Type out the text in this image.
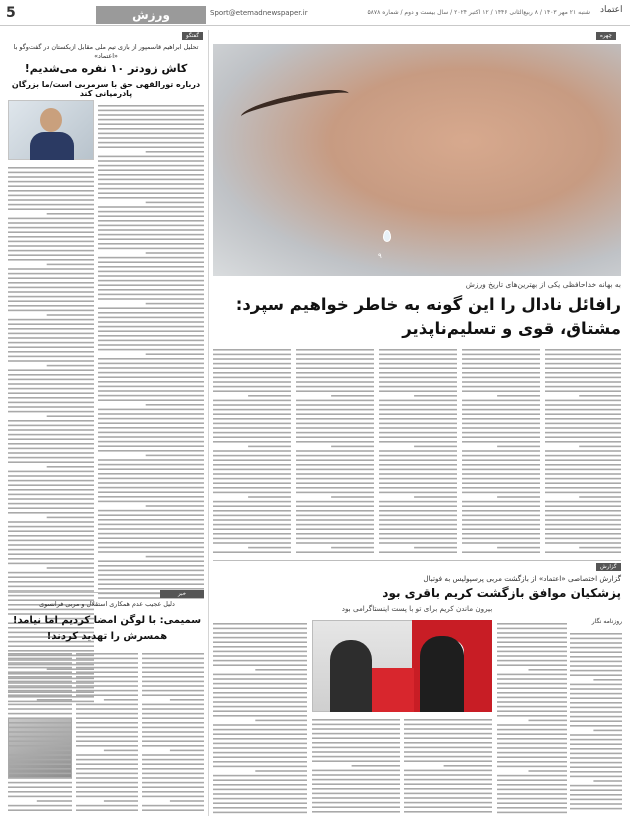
5	ورزش	Sport@etemadnewspaper.ir	شنبه ۲۱ مهر ۱۴۰۳ / ۸ ربیع‌الثانی ۱۴۴۶ / ۱۲ اکتبر ۲۰۲۴ / سال بیست و دوم / شماره ۵۸۷۸ اعتماد
گفتگو
تحلیل ابراهیم قاسمپور از بازی تیم ملی مقابل ازبکستان در گفت‌وگو با «اعتماد»
کاش زودتر ۱۰ نفره می‌شدیم!
درباره تورالقهی حق با سرمربی است/ما بزرگان پادرمیانی کند
خبر
دلیل عجیب عدم همکاری استقلال و مربی فرانسوی
سمیمی: با لوگن امضا کردیم اما نیامد!
همسرش را تهدید کردند!
چهره
۹
به بهانه خداحافظی یکی از بهترین‌های تاریخ ورزش
رافائل نادال را این گونه به خاطر خواهیم سپرد:
مشتاق، قوی و تسلیم‌ناپذیر
گزارش
گزارش اختصاصی «اعتماد» از بازگشت مربی پرسپولیس به فوتبال
پزشکیان موافق بازگشت کریم باقری بود
بیرون ماندن کریم برای تو با پست اینستاگرامی بود
روزنامه نگار
